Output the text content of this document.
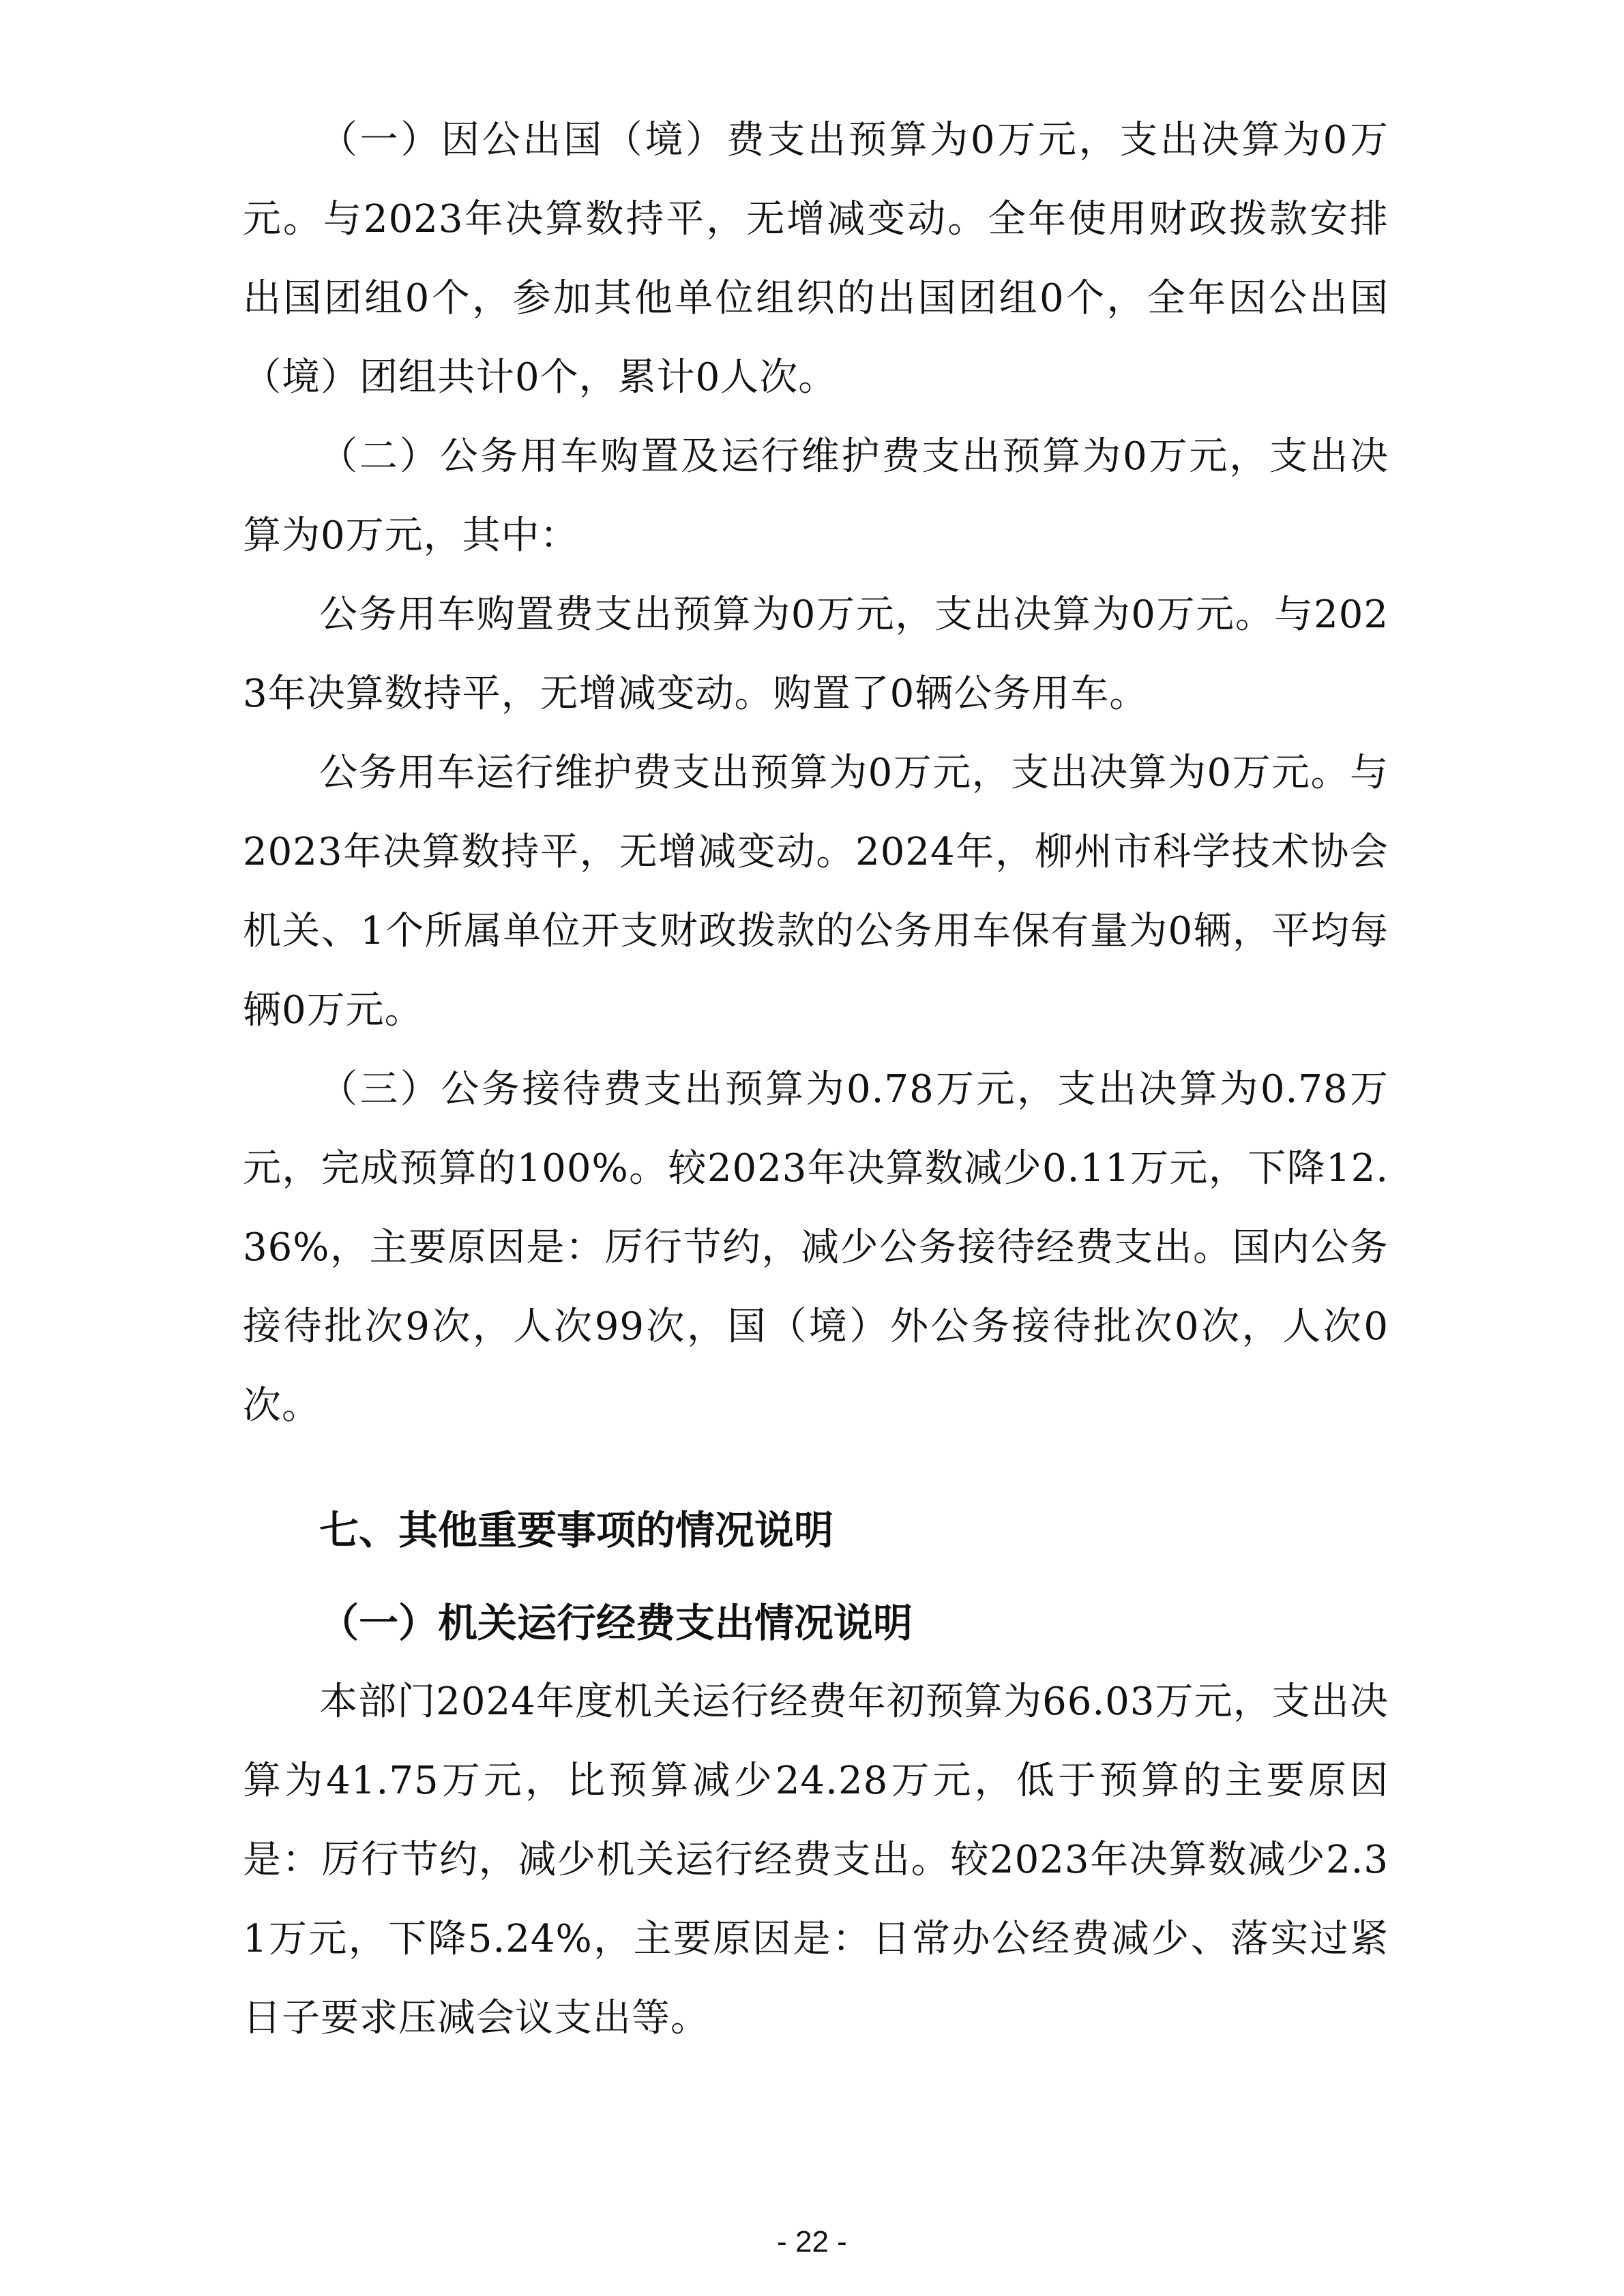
（一）因公出国（境）费支出预算为0万元，支出决算为0万元。与2023年决算数持平，无增减变动。全年使用财政拨款安排出国团组0个，参加其他单位组织的出国团组0个，全年因公出国（境）团组共计0个，累计0人次。

（二）公务用车购置及运行维护费支出预算为0万元，支出决算为0万元，其中：

公务用车购置费支出预算为0万元，支出决算为0万元。与2023年决算数持平，无增减变动。购置了0辆公务用车。

公务用车运行维护费支出预算为0万元，支出决算为0万元。与2023年决算数持平，无增减变动。2024年，柳州市科学技术协会机关、1个所属单位开支财政拨款的公务用车保有量为0辆，平均每辆0万元。

（三）公务接待费支出预算为0.78万元，支出决算为0.78万元，完成预算的100%。较2023年决算数减少0.11万元，下降12.36%，主要原因是：厉行节约，减少公务接待经费支出。国内公务接待批次9次，人次99次，国（境）外公务接待批次0次，人次0次。

七、其他重要事项的情况说明
（一）机关运行经费支出情况说明

本部门2024年度机关运行经费年初预算为66.03万元，支出决算为41.75万元，比预算减少24.28万元，低于预算的主要原因是：厉行节约，减少机关运行经费支出。较2023年决算数减少2.31万元，下降5.24%，主要原因是：日常办公经费减少、落实过紧日子要求压减会议支出等。

- 22 -
